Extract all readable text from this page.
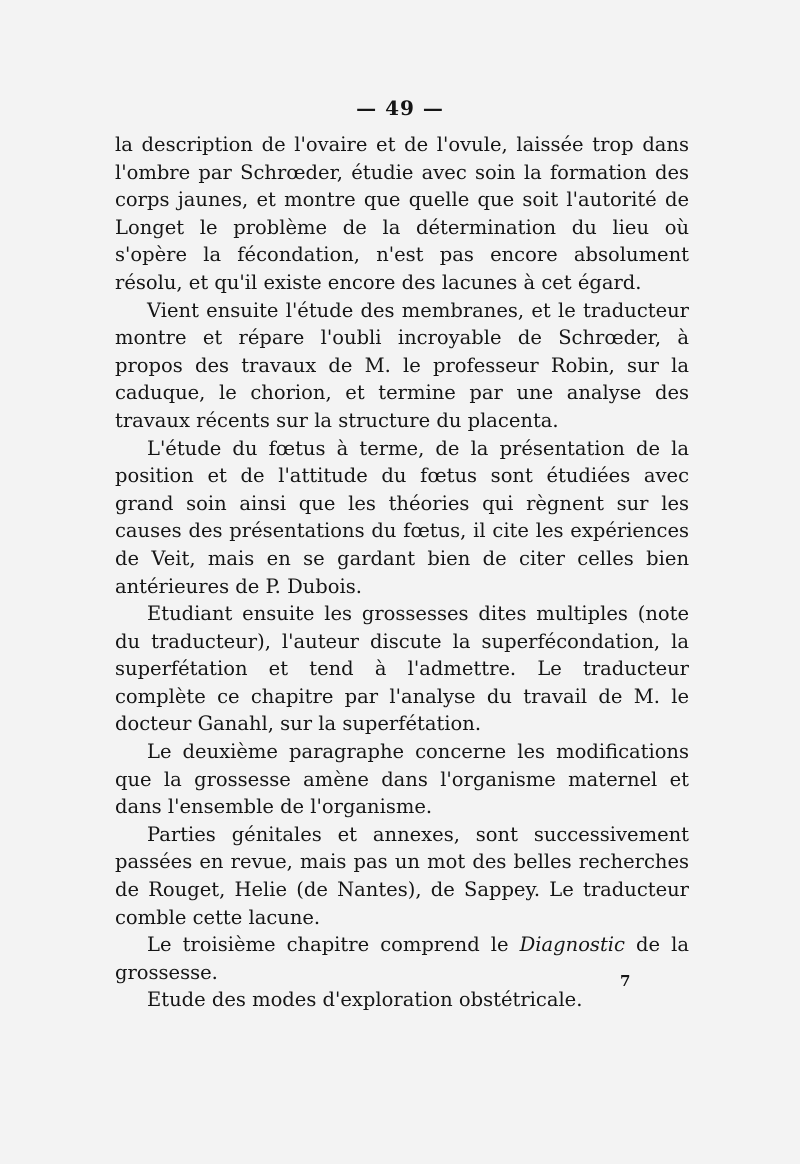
— 49 —

la description de l'ovaire et de l'ovule, laissée trop dans l'ombre par Schrœder, étudie avec soin la formation des corps jaunes, et montre que quelle que soit l'autorité de Longet le problème de la détermination du lieu où s'opère la fécondation, n'est pas encore absolument résolu, et qu'il existe encore des lacunes à cet égard.

Vient ensuite l'étude des membranes, et le traducteur montre et répare l'oubli incroyable de Schrœder, à propos des travaux de M. le professeur Robin, sur la caduque, le chorion, et termine par une analyse des travaux récents sur la structure du placenta.

L'étude du fœtus à terme, de la présentation de la position et de l'attitude du fœtus sont étudiées avec grand soin ainsi que les théories qui règnent sur les causes des présentations du fœtus, il cite les expériences de Veit, mais en se gardant bien de citer celles bien antérieures de P. Dubois.

Etudiant ensuite les grossesses dites multiples (note du traducteur), l'auteur discute la superfécondation, la superfétation et tend à l'admettre. Le traducteur complète ce chapitre par l'analyse du travail de M. le docteur Ganahl, sur la superfétation.

Le deuxième paragraphe concerne les modifications que la grossesse amène dans l'organisme maternel et dans l'ensemble de l'organisme.

Parties génitales et annexes, sont successivement passées en revue, mais pas un mot des belles recherches de Rouget, Helie (de Nantes), de Sappey. Le traducteur comble cette lacune.

Le troisième chapitre comprend le Diagnostic de la grossesse.

Etude des modes d'exploration obstétricale.

7
